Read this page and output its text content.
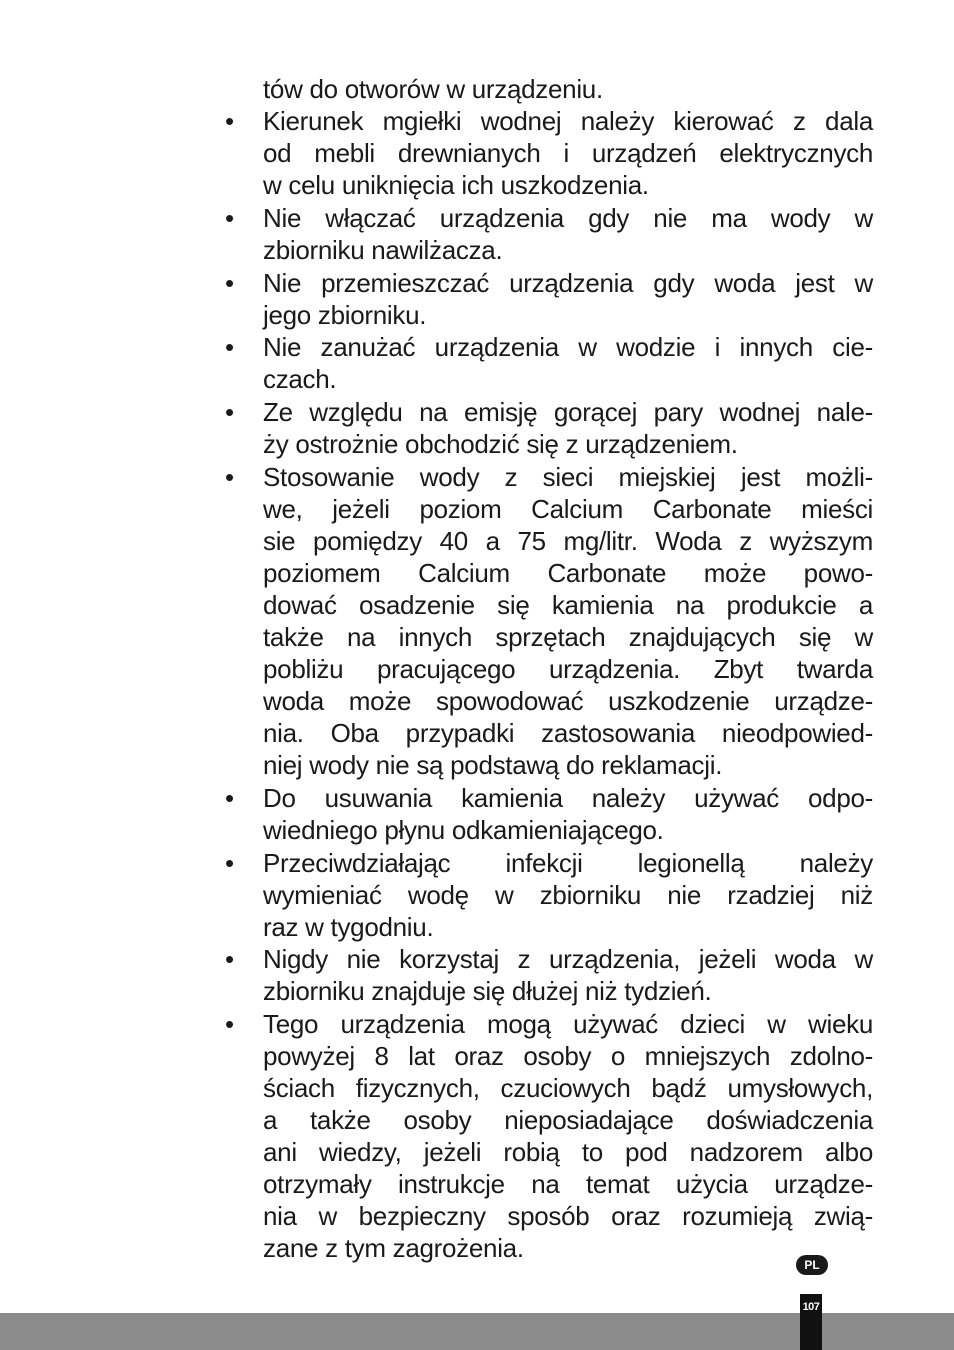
tów do otworów w urządzeniu.
•	Kierunek mgiełki wodnej należy kierować z dala
od mebli drewnianych i urządzeń elektrycznych
w celu uniknięcia ich uszkodzenia.
•	Nie włączać urządzenia gdy nie ma wody w
zbiorniku nawilżacza.
•	Nie przemieszczać urządzenia gdy woda jest w
jego zbiorniku.
•	Nie zanużać urządzenia w wodzie i innych cie-
czach.
•	Ze względu na emisję gorącej pary wodnej nale-
ży ostrożnie obchodzić się z urządzeniem.
•	Stosowanie wody z sieci miejskiej jest możli-
we, jeżeli poziom Calcium Carbonate mieści
sie pomiędzy 40 a 75 mg/litr. Woda z wyższym
poziomem Calcium Carbonate może powo-
dować osadzenie się kamienia na produkcie a
także na innych sprzętach znajdujących się w
pobliżu pracującego urządzenia. Zbyt twarda
woda może spowodować uszkodzenie urządze-
nia. Oba przypadki zastosowania nieodpowied-
niej wody nie są podstawą do reklamacji.
•	Do usuwania kamienia należy używać odpo-
wiedniego płynu odkamieniającego.
•	Przeciwdziałając infekcji legionellą należy
wymieniać wodę w zbiorniku nie rzadziej niż
raz w tygodniu.
•	Nigdy nie korzystaj z urządzenia, jeżeli woda w
zbiorniku znajduje się dłużej niż tydzień.
•	Tego urządzenia mogą używać dzieci w wieku
powyżej 8 lat oraz osoby o mniejszych zdolno-
ściach fizycznych, czuciowych bądź umysłowych,
a także osoby nieposiadające doświadczenia
ani wiedzy, jeżeli robią to pod nadzorem albo
otrzymały instrukcje na temat użycia urządze-
nia w bezpieczny sposób oraz rozumieją zwią-
zane z tym zagrożenia.
PL
107
